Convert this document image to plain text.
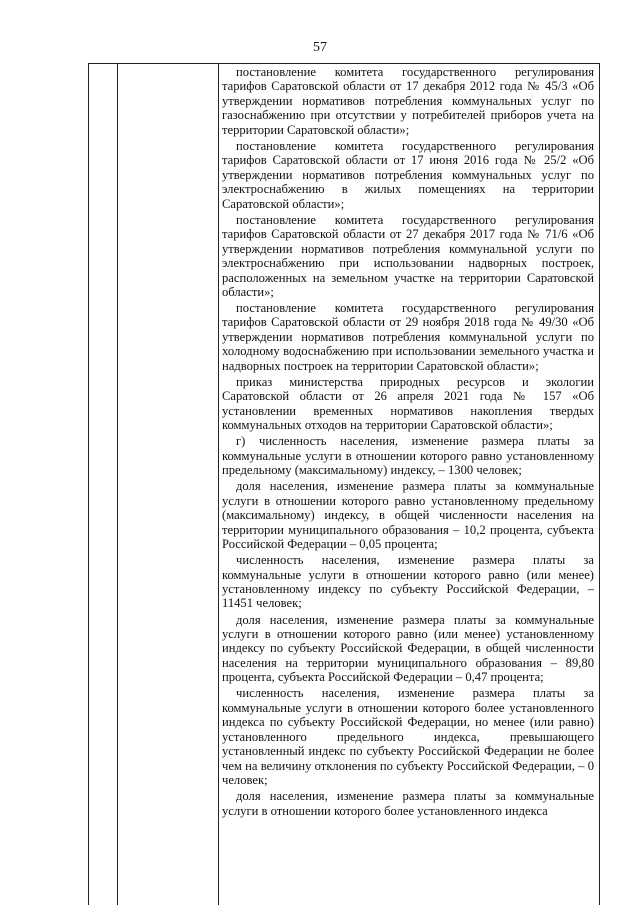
57

постановление комитета государственного регулирования тарифов Саратовской области от 17 декабря 2012 года № 45/3 «Об утверждении нормативов потребления коммунальных услуг по газоснабжению при отсутствии у потребителей приборов учета на территории Саратовской области»;

постановление комитета государственного регулирования тарифов Саратовской области от 17 июня 2016 года № 25/2 «Об утверждении нормативов потребления коммунальных услуг по электроснабжению в жилых помещениях на территории Саратовской области»;

постановление комитета государственного регулирования тарифов Саратовской области от 27 декабря 2017 года № 71/6 «Об утверждении нормативов потребления коммунальной услуги по электроснабжению при использовании надворных построек, расположенных на земельном участке на территории Саратовской области»;

постановление комитета государственного регулирования тарифов Саратовской области от 29 ноября 2018 года № 49/30 «Об утверждении нормативов потребления коммунальной услуги по холодному водоснабжению при использовании земельного участка и надворных построек на территории Саратовской области»;

приказ министерства природных ресурсов и экологии Саратовской области от 26 апреля 2021 года № 157 «Об установлении временных нормативов накопления твердых коммунальных отходов на территории Саратовской области»;

г) численность населения, изменение размера платы за коммунальные услуги в отношении которого равно установленному предельному (максимальному) индексу, – 1300 человек;

доля населения, изменение размера платы за коммунальные услуги в отношении которого равно установленному предельному (максимальному) индексу, в общей численности населения на территории муниципального образования – 10,2 процента, субъекта Российской Федерации – 0,05 процента;

численность населения, изменение размера платы за коммунальные услуги в отношении которого равно (или менее) установленному индексу по субъекту Российской Федерации, – 11451 человек;

доля населения, изменение размера платы за коммунальные услуги в отношении которого равно (или менее) установленному индексу по субъекту Российской Федерации, в общей численности населения на территории муниципального образования – 89,80 процента, субъекта Российской Федерации – 0,47 процента;

численность населения, изменение размера платы за коммунальные услуги в отношении которого более установленного индекса по субъекту Российской Федерации, но менее (или равно) установленного предельного индекса, превышающего установленный индекс по субъекту Российской Федерации не более чем на величину отклонения по субъекту Российской Федерации, – 0 человек;

доля населения, изменение размера платы за коммунальные услуги в отношении которого более установленного индекса
